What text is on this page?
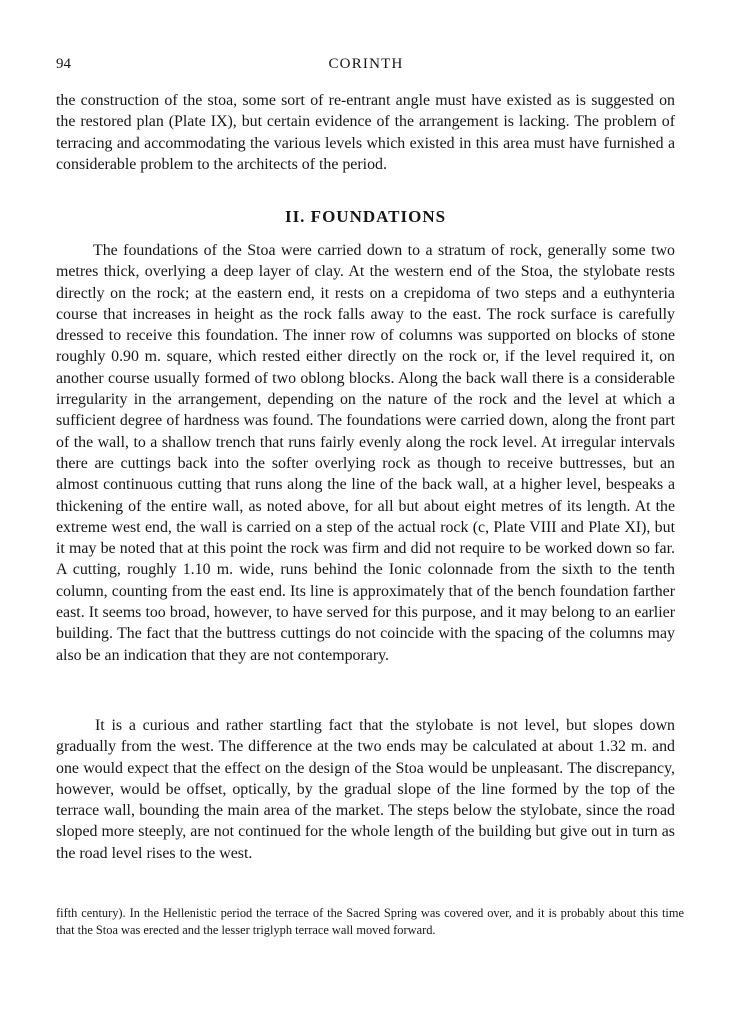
94	CORINTH

the construction of the stoa, some sort of re-entrant angle must have existed as is suggested on the restored plan (Plate IX), but certain evidence of the arrangement is lacking. The problem of terracing and accommodating the various levels which existed in this area must have furnished a considerable problem to the architects of the period.

II. FOUNDATIONS

The foundations of the Stoa were carried down to a stratum of rock, generally some two metres thick, overlying a deep layer of clay. At the western end of the Stoa, the stylobate rests directly on the rock; at the eastern end, it rests on a crepidoma of two steps and a euthynteria course that increases in height as the rock falls away to the east. The rock surface is carefully dressed to receive this foundation. The inner row of columns was supported on blocks of stone roughly 0.90 m. square, which rested either directly on the rock or, if the level required it, on another course usually formed of two oblong blocks. Along the back wall there is a considerable irregularity in the arrangement, depending on the nature of the rock and the level at which a sufficient degree of hardness was found. The foundations were carried down, along the front part of the wall, to a shallow trench that runs fairly evenly along the rock level. At irregular intervals there are cuttings back into the softer overlying rock as though to receive buttresses, but an almost continuous cutting that runs along the line of the back wall, at a higher level, bespeaks a thickening of the entire wall, as noted above, for all but about eight metres of its length. At the extreme west end, the wall is carried on a step of the actual rock (c, Plate VIII and Plate XI), but it may be noted that at this point the rock was firm and did not require to be worked down so far. A cutting, roughly 1.10 m. wide, runs behind the Ionic colonnade from the sixth to the tenth column, counting from the east end. Its line is approximately that of the bench foundation farther east. It seems too broad, however, to have served for this purpose, and it may belong to an earlier building. The fact that the buttress cuttings do not coincide with the spacing of the columns may also be an indication that they are not contemporary.

It is a curious and rather startling fact that the stylobate is not level, but slopes down gradually from the west. The difference at the two ends may be calculated at about 1.32 m. and one would expect that the effect on the design of the Stoa would be unpleasant. The discrepancy, however, would be offset, optically, by the gradual slope of the line formed by the top of the terrace wall, bounding the main area of the market. The steps below the stylobate, since the road sloped more steeply, are not continued for the whole length of the building but give out in turn as the road level rises to the west.

fifth century). In the Hellenistic period the terrace of the Sacred Spring was covered over, and it is probably about this time that the Stoa was erected and the lesser triglyph terrace wall moved forward.
